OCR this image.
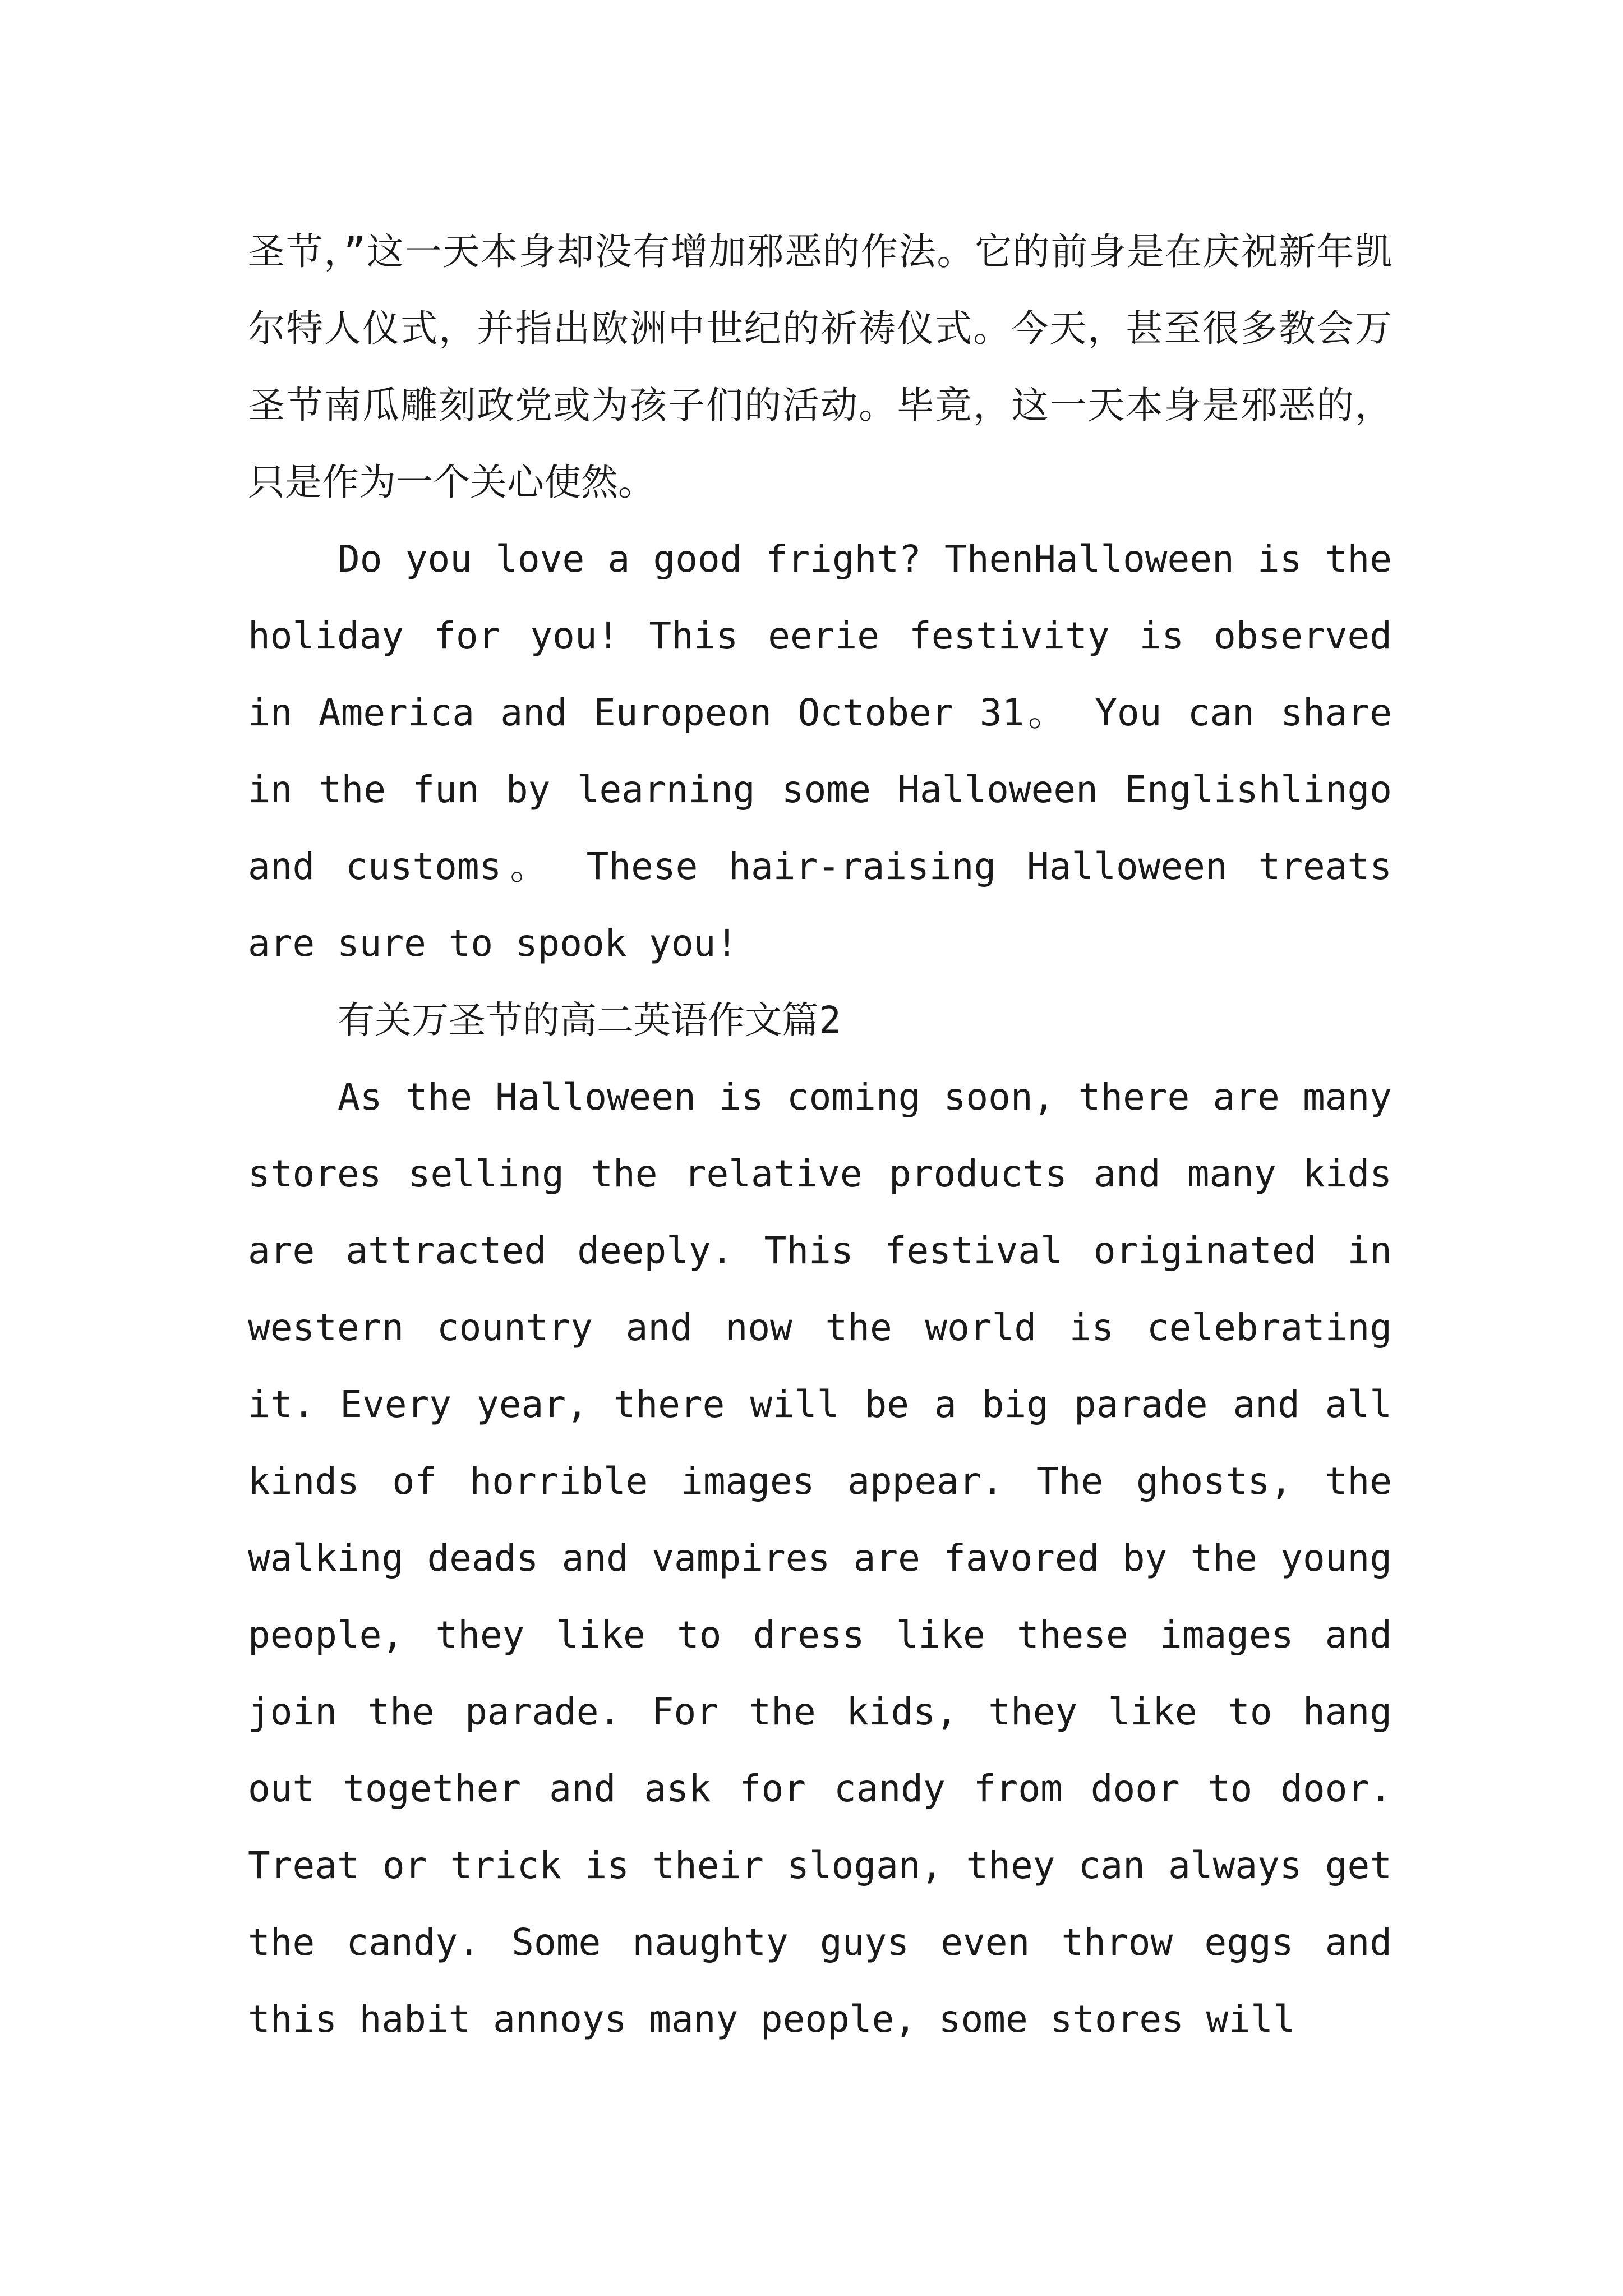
圣节，”这一天本身却没有增加邪恶的作法。它的前身是在庆祝新年凯尔特人仪式，并指出欧洲中世纪的祈祷仪式。今天，甚至很多教会万圣节南瓜雕刻政党或为孩子们的活动。毕竟，这一天本身是邪恶的，只是作为一个关心使然。

Do you love a good fright? ThenHalloween is the holiday for you! This eerie festivity is observed in America and Europeon October 31。 You can share in the fun by learning some Halloween Englishlingo and customs。 These hair-raising Halloween treats are sure to spook you!

有关万圣节的高二英语作文篇2

As the Halloween is coming soon, there are many stores selling the relative products and many kids are attracted deeply. This festival originated in western country and now the world is celebrating it. Every year, there will be a big parade and all kinds of horrible images appear. The ghosts, the walking deads and vampires are favored by the young people, they like to dress like these images and join the parade. For the kids, they like to hang out together and ask for candy from door to door. Treat or trick is their slogan, they can always get the candy. Some naughty guys even throw eggs and this habit annoys many people, some stores will
